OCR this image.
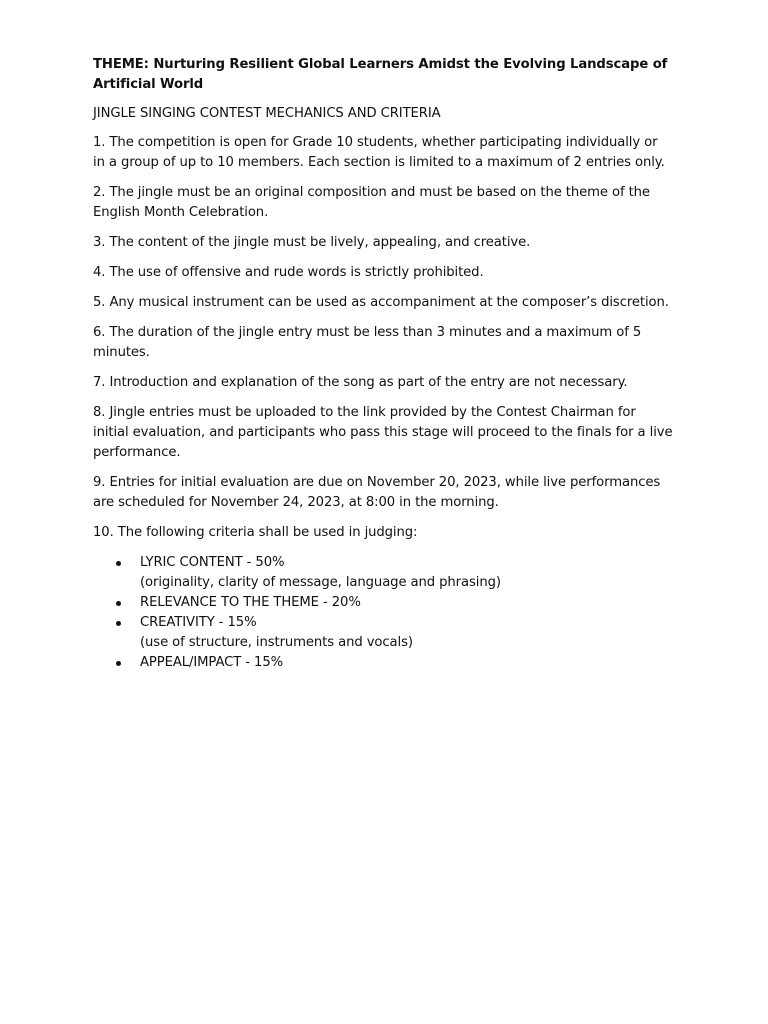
THEME: Nurturing Resilient Global Learners Amidst the Evolving Landscape of Artificial World

JINGLE SINGING CONTEST MECHANICS AND CRITERIA

1. The competition is open for Grade 10 students, whether participating individually or in a group of up to 10 members. Each section is limited to a maximum of 2 entries only.

2. The jingle must be an original composition and must be based on the theme of the English Month Celebration.

3. The content of the jingle must be lively, appealing, and creative.

4. The use of offensive and rude words is strictly prohibited.

5. Any musical instrument can be used as accompaniment at the composer’s discretion.

6. The duration of the jingle entry must be less than 3 minutes and a maximum of 5 minutes.

7. Introduction and explanation of the song as part of the entry are not necessary.

8. Jingle entries must be uploaded to the link provided by the Contest Chairman for initial evaluation, and participants who pass this stage will proceed to the finals for a live performance.

9. Entries for initial evaluation are due on November 20, 2023, while live performances are scheduled for November 24, 2023, at 8:00 in the morning.

10. The following criteria shall be used in judging:

LYRIC CONTENT - 50%
(originality, clarity of message, language and phrasing)
RELEVANCE TO THE THEME - 20%
CREATIVITY - 15%
(use of structure, instruments and vocals)
APPEAL/IMPACT - 15%
